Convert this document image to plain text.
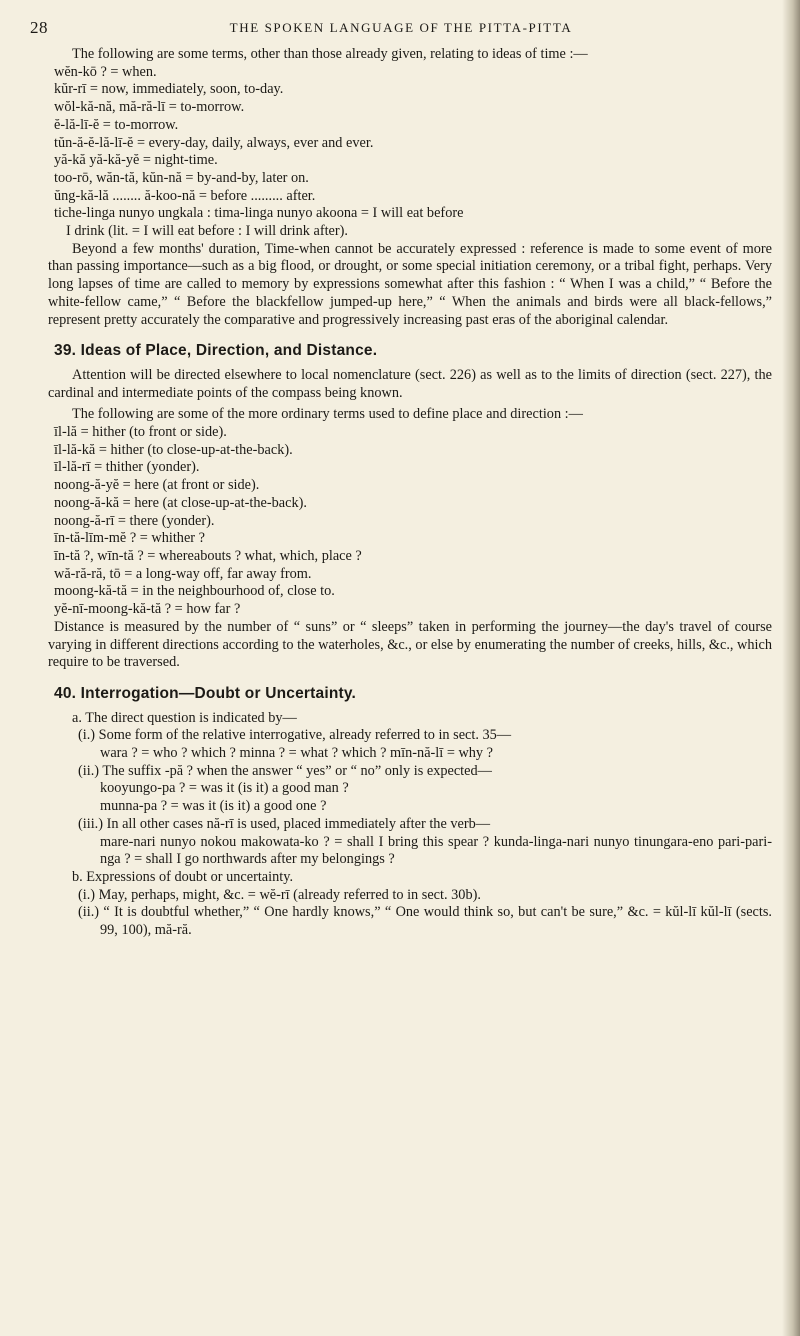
28	THE SPOKEN LANGUAGE OF THE PITTA-PITTA

The following are some terms, other than those already given, relating to ideas of time :—

wĕn-kō ? = when.

kŭr-rī = now, immediately, soon, to-day.

wŏl-kă-nă, mă-ră-lī = to-morrow.

ĕ-lă-lī-ĕ = to-morrow.

tŭn-ă-ĕ-lă-lī-ĕ = every-day, daily, always, ever and ever.

yă-kă yă-kă-yĕ = night-time.

too-rō, wăn-tă, kŭn-nă = by-and-by, later on.

ŭng-kă-lă ........ ă-koo-nă = before ......... after.

tiche-linga nunyo ungkala : tima-linga nunyo akoona = I will eat before

I drink (lit. = I will eat before : I will drink after).

Beyond a few months' duration, Time-when cannot be accurately expressed : reference is made to some event of more than passing importance—such as a big flood, or drought, or some special initiation ceremony, or a tribal fight, perhaps. Very long lapses of time are called to memory by expressions somewhat after this fashion : “ When I was a child,” “ Before the white-fellow came,” “ Before the blackfellow jumped-up here,” “ When the animals and birds were all black-fellows,” represent pretty accurately the comparative and progressively increasing past eras of the aboriginal calendar.

39. Ideas of Place, Direction, and Distance.

Attention will be directed elsewhere to local nomenclature (sect. 226) as well as to the limits of direction (sect. 227), the cardinal and intermediate points of the compass being known.

The following are some of the more ordinary terms used to define place and direction :—

īl-lă = hither (to front or side).

īl-lă-kă = hither (to close-up-at-the-back).

īl-lă-rī = thither (yonder).

noong-ă-yĕ = here (at front or side).

noong-ă-kă = here (at close-up-at-the-back).

noong-ă-rī = there (yonder).

īn-tă-līm-mĕ ? = whither ?

īn-tă ?, wīn-tă ? = whereabouts ? what, which, place ?

wă-ră-ră, tō = a long-way off, far away from.

moong-kă-tă = in the neighbourhood of, close to.

yĕ-nī-moong-kă-tă ? = how far ?

Distance is measured by the number of “ suns” or “ sleeps” taken in performing the journey—the day's travel of course varying in different directions according to the waterholes, &c., or else by enumerating the number of creeks, hills, &c., which require to be traversed.

40. Interrogation—Doubt or Uncertainty.

a. The direct question is indicated by—

(i.) Some form of the relative interrogative, already referred to in sect. 35—

wara ? = who ? which ? minna ? = what ? which ? mīn-nă-lī = why ?

(ii.) The suffix -pă ? when the answer “ yes” or “ no” only is expected—

kooyungo-pa ? = was it (is it) a good man ?

munna-pa ? = was it (is it) a good one ?

(iii.) In all other cases nă-rī is used, placed immediately after the verb—

mare-nari nunyo nokou makowata-ko ? = shall I bring this spear ? kunda-linga-nari nunyo tinungara-eno pari-pari-nga ? = shall I go northwards after my belongings ?

b. Expressions of doubt or uncertainty.

(i.) May, perhaps, might, &c. = wĕ-rī (already referred to in sect. 30b).

(ii.) “ It is doubtful whether,” “ One hardly knows,” “ One would think so, but can't be sure,” &c. = kŭl-lī kŭl-lī (sects. 99, 100), mă-ră.
